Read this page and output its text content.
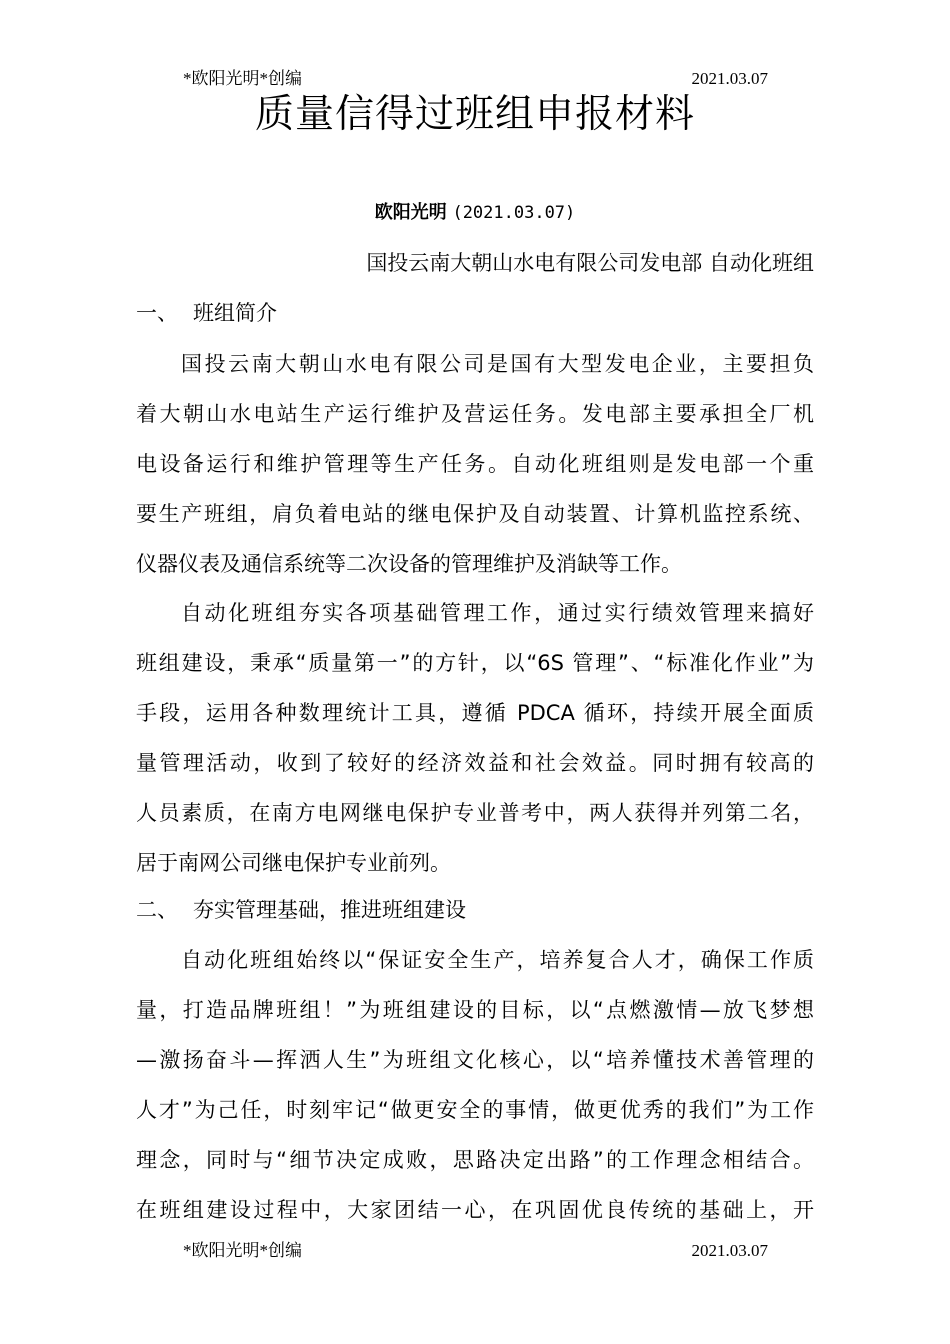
*欧阳光明*创编	2021.03.07
质量信得过班组申报材料
欧阳光明 (2021.03.07)
国投云南大朝山水电有限公司发电部 自动化班组
一、 班组简介
国投云南大朝山水电有限公司是国有大型发电企业，主要担负
着大朝山水电站生产运行维护及营运任务。发电部主要承担全厂机
电设备运行和维护管理等生产任务。自动化班组则是发电部一个重
要生产班组，肩负着电站的继电保护及自动装置、计算机监控系统、
仪器仪表及通信系统等二次设备的管理维护及消缺等工作。
自动化班组夯实各项基础管理工作，通过实行绩效管理来搞好
班组建设，秉承“质量第一”的方针，以“6S 管理”、“标准化作业”为
手段，运用各种数理统计工具，遵循 PDCA 循环，持续开展全面质
量管理活动，收到了较好的经济效益和社会效益。同时拥有较高的
人员素质，在南方电网继电保护专业普考中，两人获得并列第二名，
居于南网公司继电保护专业前列。
二、 夯实管理基础，推进班组建设
自动化班组始终以“保证安全生产，培养复合人才，确保工作质
量，打造品牌班组！”为班组建设的目标，以“点燃激情—放飞梦想
—激扬奋斗—挥洒人生”为班组文化核心，以“培养懂技术善管理的
人才”为己任，时刻牢记“做更安全的事情，做更优秀的我们”为工作
理念，同时与“细节决定成败，思路决定出路”的工作理念相结合。
在班组建设过程中，大家团结一心，在巩固优良传统的基础上，开
*欧阳光明*创编	2021.03.07
